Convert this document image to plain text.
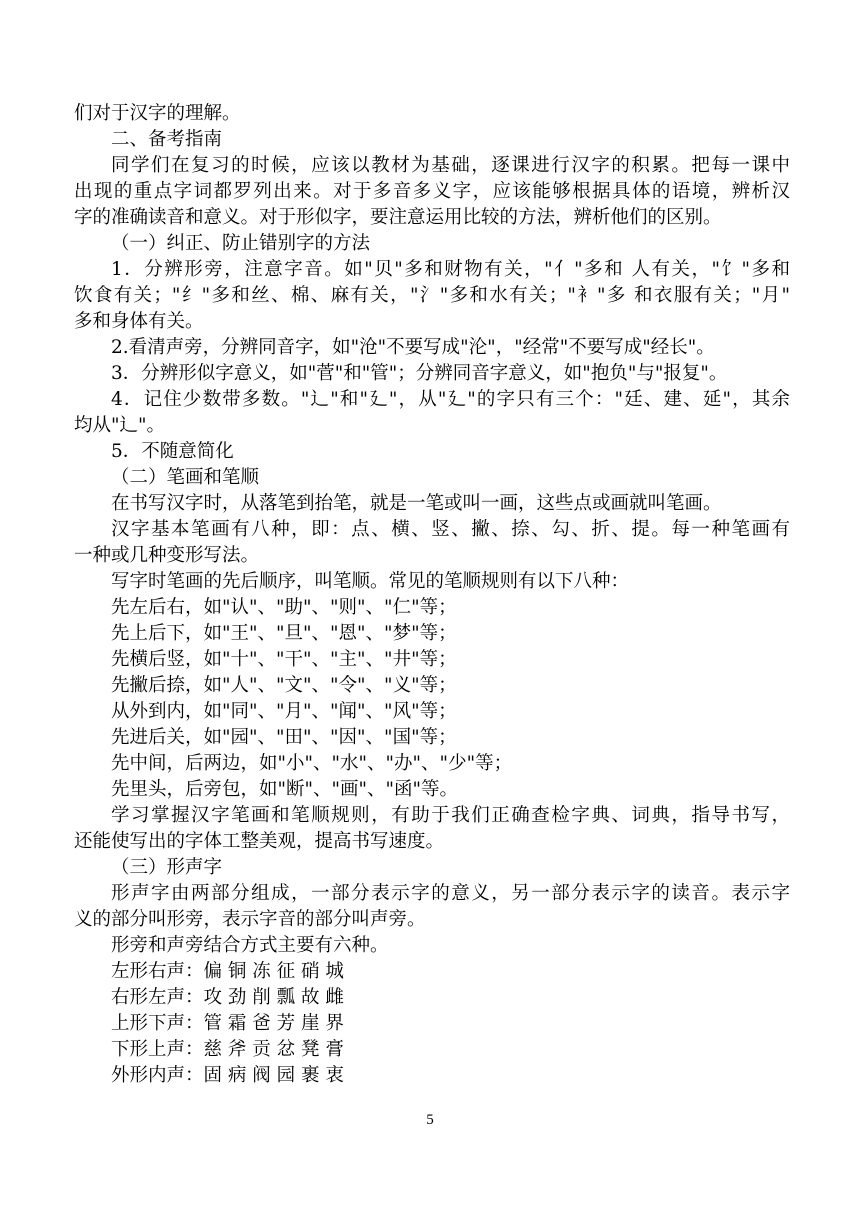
们对于汉字的理解。
二、备考指南
同学们在复习的时候，应该以教材为基础，逐课进行汉字的积累。把每一课中
出现的重点字词都罗列出来。对于多音多义字，应该能够根据具体的语境，辨析汉
字的准确读音和意义。对于形似字，要注意运用比较的方法，辨析他们的区别。
（一）纠正、防止错别字的方法
1．分辨形旁，注意字音。如"贝"多和财物有关，"亻"多和 人有关，"饣"多和
饮食有关；"纟"多和丝、棉、麻有关，"氵"多和水有关；"衤"多 和衣服有关；"月"
多和身体有关。
2.看清声旁，分辨同音字，如"沧"不要写成"沦"，"经常"不要写成"经长"。
3．分辨形似字意义，如"菅"和"管"；分辨同音字意义，如"抱负"与"报复"。
4．记住少数带多数。"辶"和"廴"，从"廴"的字只有三个："廷、建、延"，其余
均从"辶"。
5．不随意简化
（二）笔画和笔顺
在书写汉字时，从落笔到抬笔，就是一笔或叫一画，这些点或画就叫笔画。
汉字基本笔画有八种，即：点、横、竖、撇、捺、勾、折、提。每一种笔画有
一种或几种变形写法。
写字时笔画的先后顺序，叫笔顺。常见的笔顺规则有以下八种：
先左后右，如"认"、"助"、"则"、"仁"等；
先上后下，如"王"、"旦"、"恩"、"梦"等；
先横后竖，如"十"、"干"、"主"、"井"等；
先撇后捺，如"人"、"文"、"令"、"义"等；
从外到内，如"同"、"月"、"闻"、"风"等；
先进后关，如"园"、"田"、"因"、"国"等；
先中间，后两边，如"小"、"水"、"办"、"少"等；
先里头，后旁包，如"断"、"画"、"函"等。
学习掌握汉字笔画和笔顺规则，有助于我们正确查检字典、词典，指导书写，
还能使写出的字体工整美观，提高书写速度。
（三）形声字
形声字由两部分组成，一部分表示字的意义，另一部分表示字的读音。表示字
义的部分叫形旁，表示字音的部分叫声旁。
形旁和声旁结合方式主要有六种。
左形右声：偏 铜 冻 征 硝 城
右形左声：攻 劲 削 瓢 故 雌
上形下声：管 霜 爸 芳 崖 界
下形上声：慈 斧 贡 忿 凳 膏
外形内声：固 病 阀 园 裹 衷
5
